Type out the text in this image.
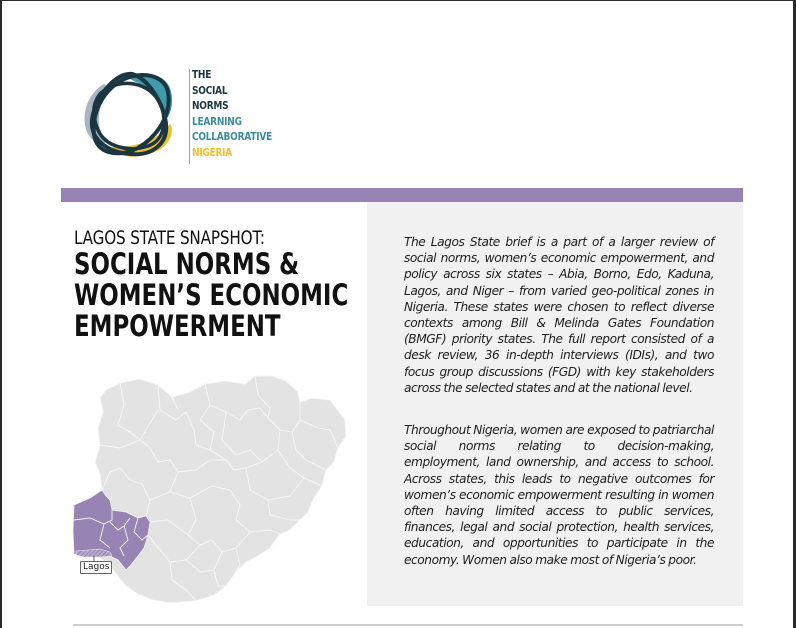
THE
SOCIAL
NORMS
LEARNING
COLLABORATIVE
NIGERIA
LAGOS STATE SNAPSHOT:
SOCIAL NORMS &
WOMEN’S ECONOMIC
EMPOWERMENT

The Lagos State brief is a part of a larger review of social norms, women’s economic empowerment, and policy across six states – Abia, Borno, Edo, Kaduna, Lagos, and Niger – from varied geo-political zones in Nigeria. These states were chosen to reflect diverse contexts among Bill & Melinda Gates Foundation (BMGF) priority states. The full report consisted of a desk review, 36 in-depth interviews (IDIs), and two focus group discussions (FGD) with key stakeholders across the selected states and at the national level.

Throughout Nigeria, women are exposed to patriarchal social norms relating to decision-making, employment, land ownership, and access to school. Across states, this leads to negative outcomes for women’s economic empowerment resulting in women often having limited access to public services, finances, legal and social protection, health services, education, and opportunities to participate in the economy. Women also make most of Nigeria’s poor.

Lagos
